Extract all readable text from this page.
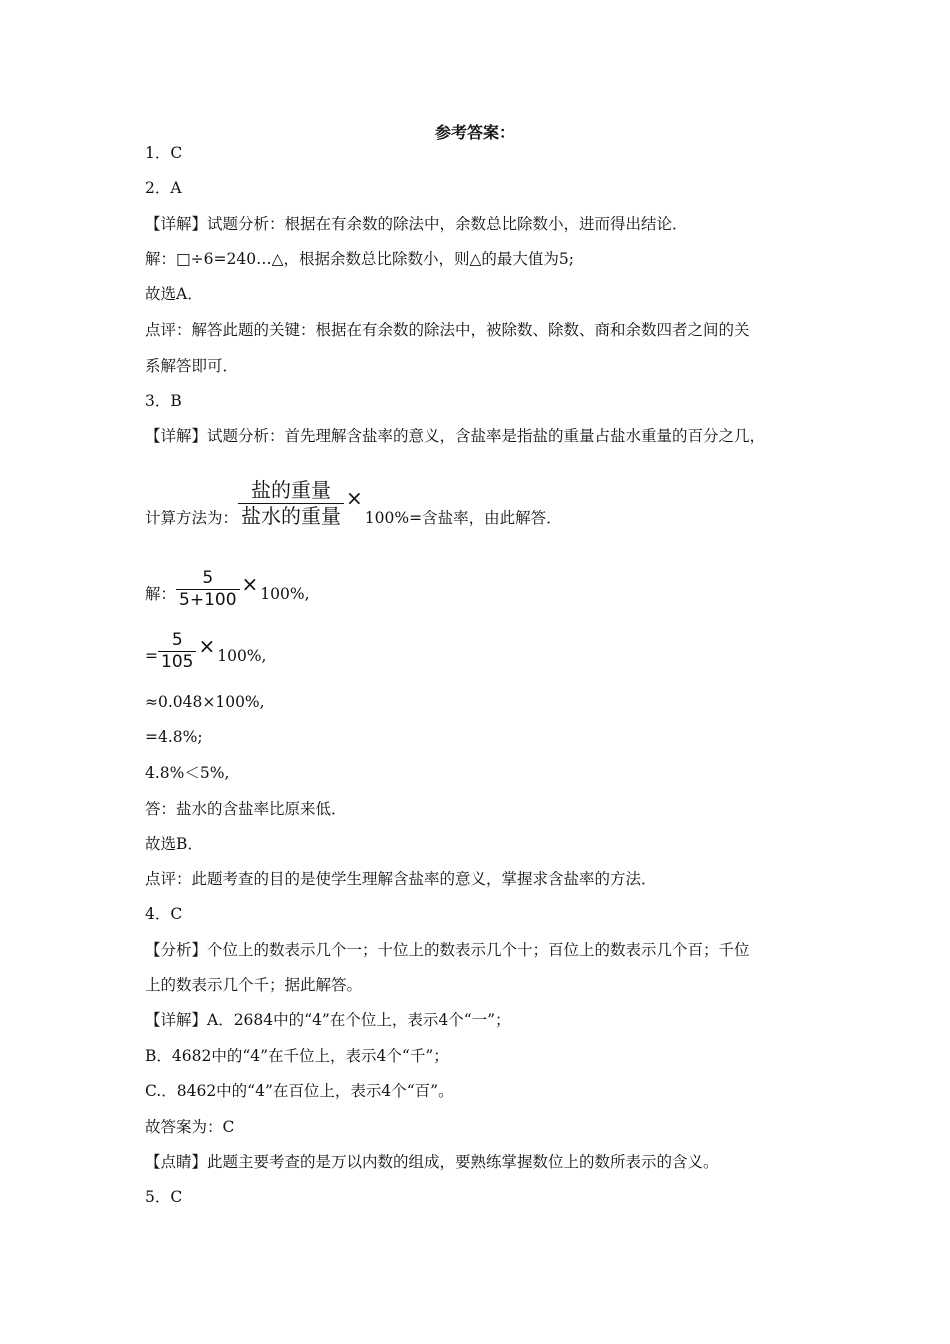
参考答案：
1．C
2．A
【详解】试题分析：根据在有余数的除法中，余数总比除数小，进而得出结论．
解：□÷6=240…△，根据余数总比除数小，则△的最大值为5;
故选A．
点评：解答此题的关键：根据在有余数的除法中，被除数、除数、商和余数四者之间的关
系解答即可．
3．B
【详解】试题分析：首先理解含盐率的意义，含盐率是指盐的重量占盐水重量的百分之几，
计算方法为： $\frac{\text{盐的重量}}{\text{盐水的重量}} \times 100\%=$含盐率，由此解答．
解： $\frac{5}{5+100} \times 100\%$,
= $\frac{5}{105} \times 100\%$,
≈0.048×100%,
=4.8%;
4.8%＜5%,
答：盐水的含盐率比原来低．
故选B．
点评：此题考查的目的是使学生理解含盐率的意义，掌握求含盐率的方法．
4．C
【分析】个位上的数表示几个一；十位上的数表示几个十；百位上的数表示几个百；千位
上的数表示几个千；据此解答。
【详解】A．2684中的“4”在个位上，表示4个“一”；
B．4682中的“4”在千位上，表示4个“千”；
C.．8462中的“4”在百位上，表示4个“百”。
故答案为：C
【点睛】此题主要考查的是万以内数的组成，要熟练掌握数位上的数所表示的含义。
5．C
